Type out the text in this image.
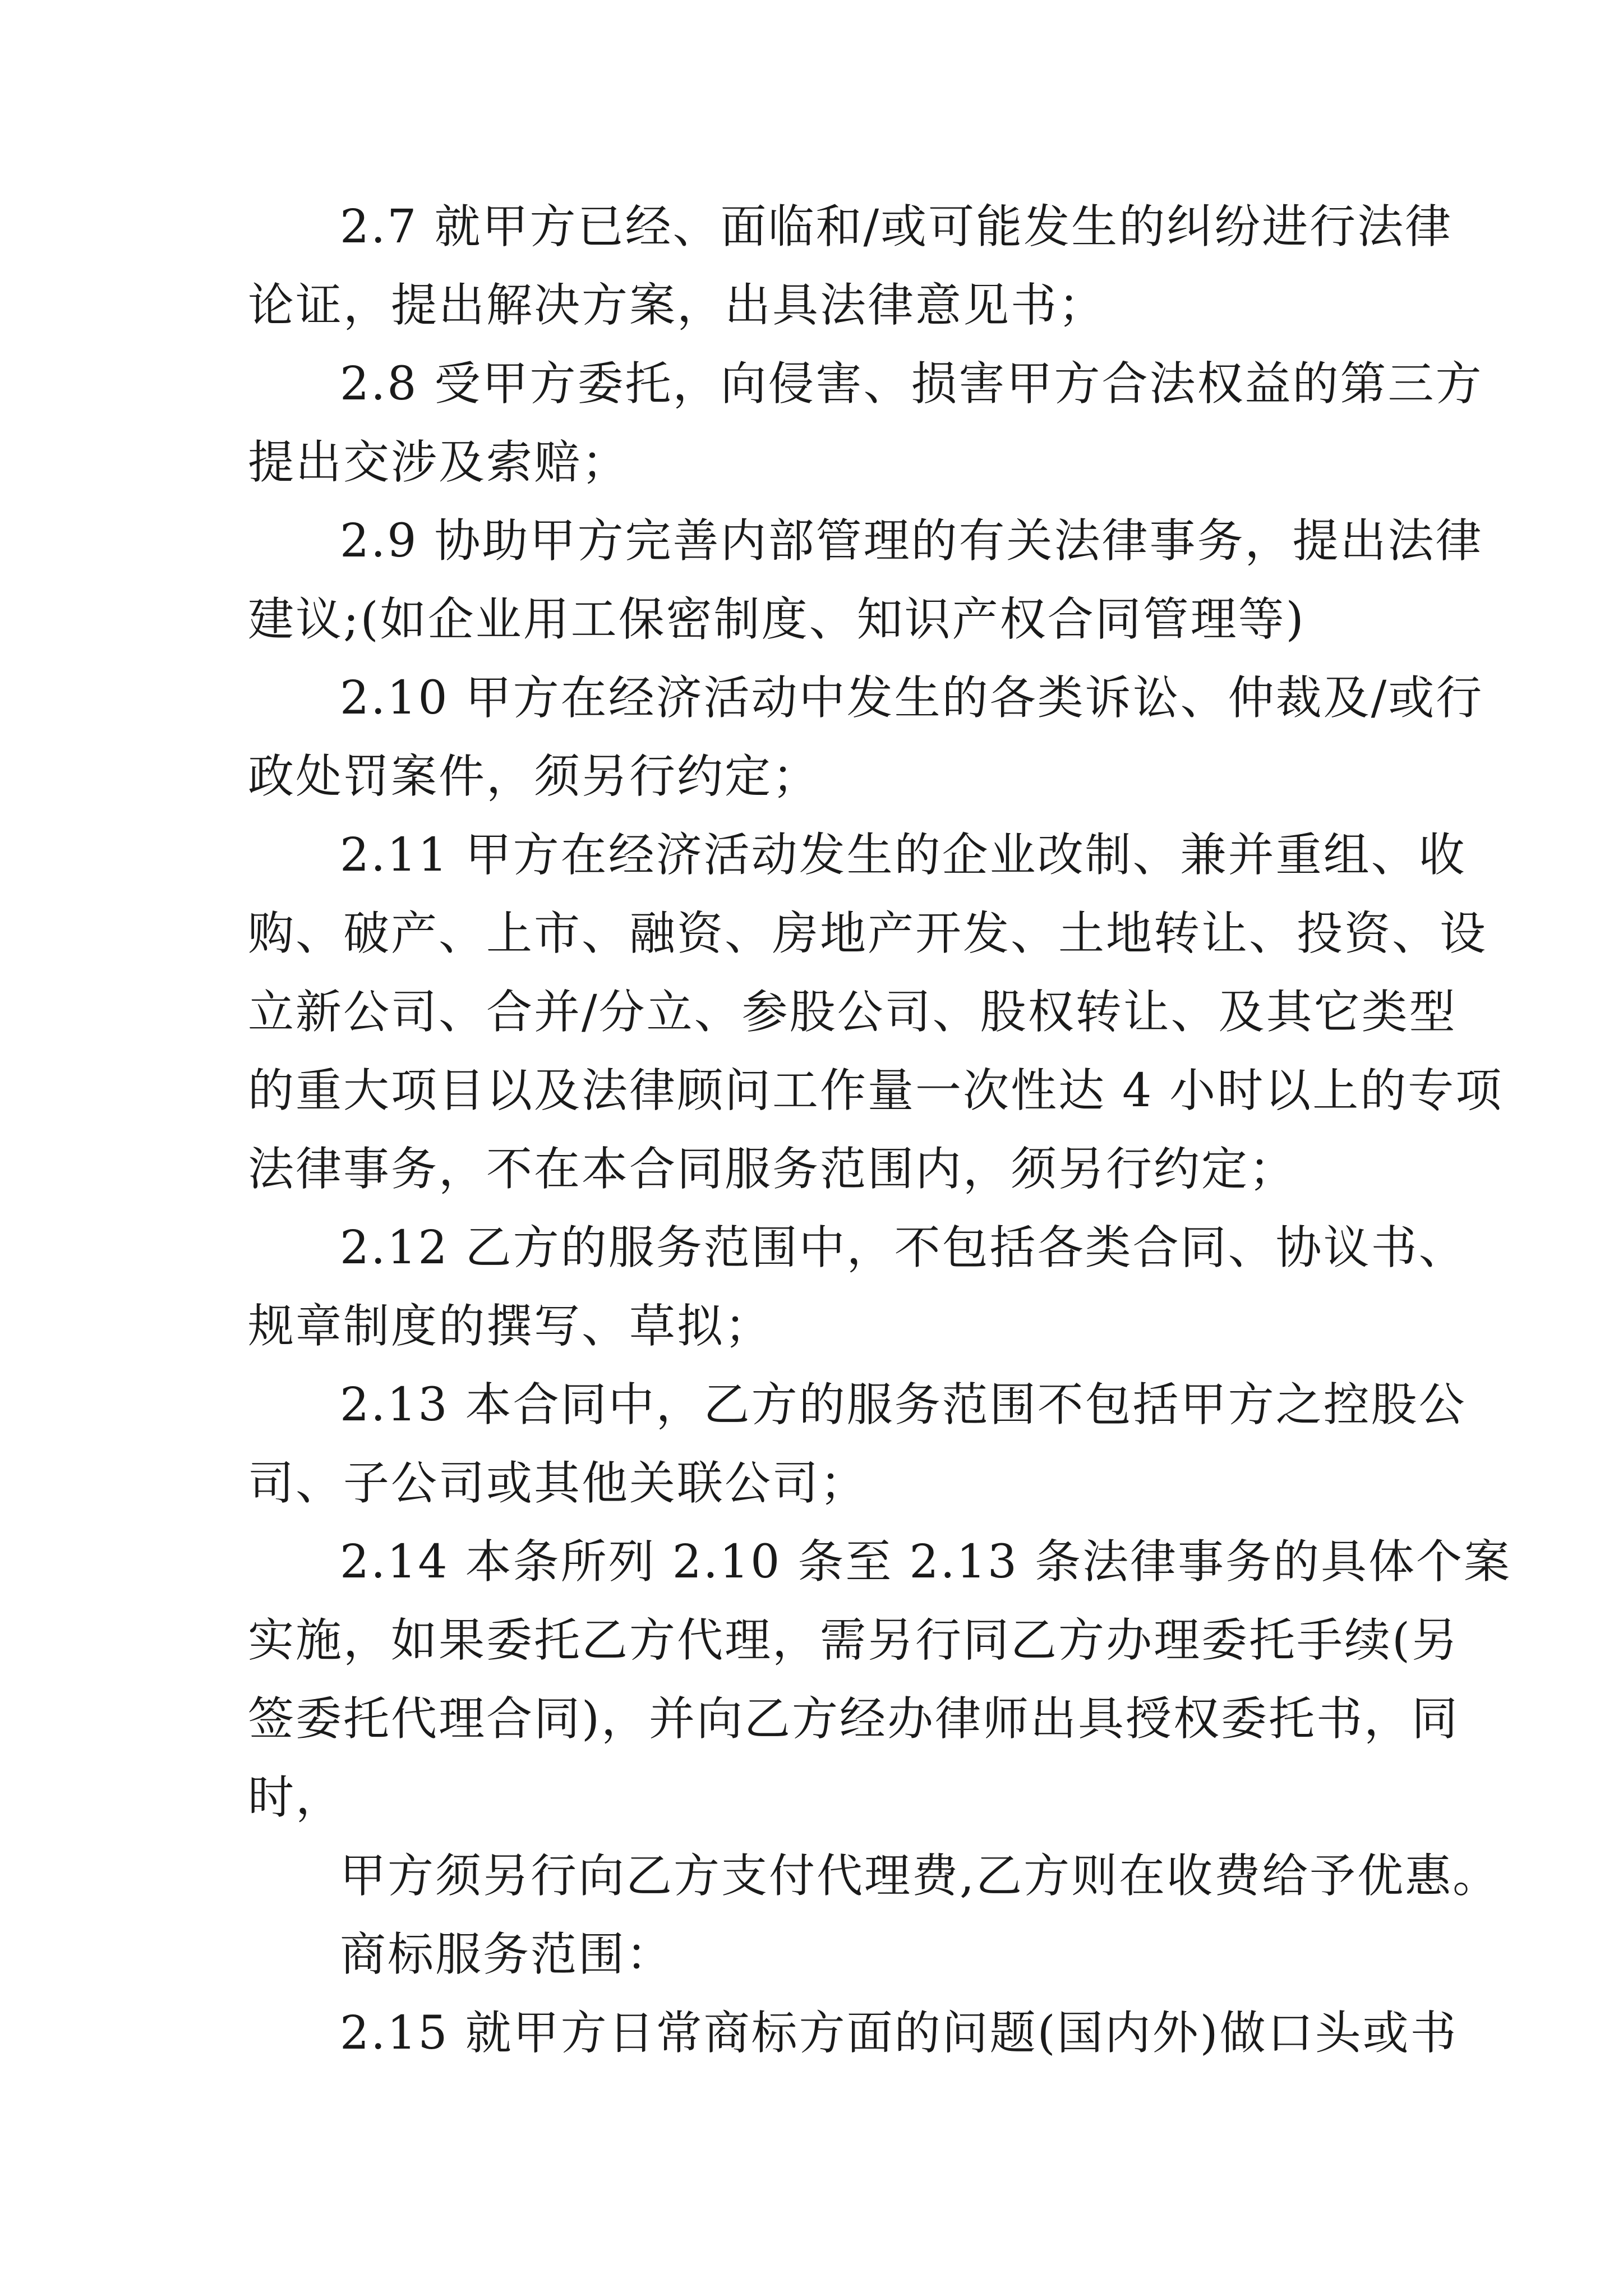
2.7 就甲方已经、面临和/或可能发生的纠纷进行法律
论证，提出解决方案，出具法律意见书；
2.8 受甲方委托，向侵害、损害甲方合法权益的第三方
提出交涉及索赔；
2.9 协助甲方完善内部管理的有关法律事务，提出法律
建议;(如企业用工保密制度、知识产权合同管理等)
2.10 甲方在经济活动中发生的各类诉讼、仲裁及/或行
政处罚案件，须另行约定；
2.11 甲方在经济活动发生的企业改制、兼并重组、收
购、破产、上市、融资、房地产开发、土地转让、投资、设
立新公司、合并/分立、参股公司、股权转让、及其它类型
的重大项目以及法律顾问工作量一次性达 4 小时以上的专项
法律事务，不在本合同服务范围内，须另行约定；
2.12 乙方的服务范围中，不包括各类合同、协议书、
规章制度的撰写、草拟；
2.13 本合同中，乙方的服务范围不包括甲方之控股公
司、子公司或其他关联公司；
2.14 本条所列 2.10 条至 2.13 条法律事务的具体个案
实施，如果委托乙方代理，需另行同乙方办理委托手续(另
签委托代理合同)，并向乙方经办律师出具授权委托书，同
时，
甲方须另行向乙方支付代理费,乙方则在收费给予优惠。
商标服务范围：
2.15 就甲方日常商标方面的问题(国内外)做口头或书
